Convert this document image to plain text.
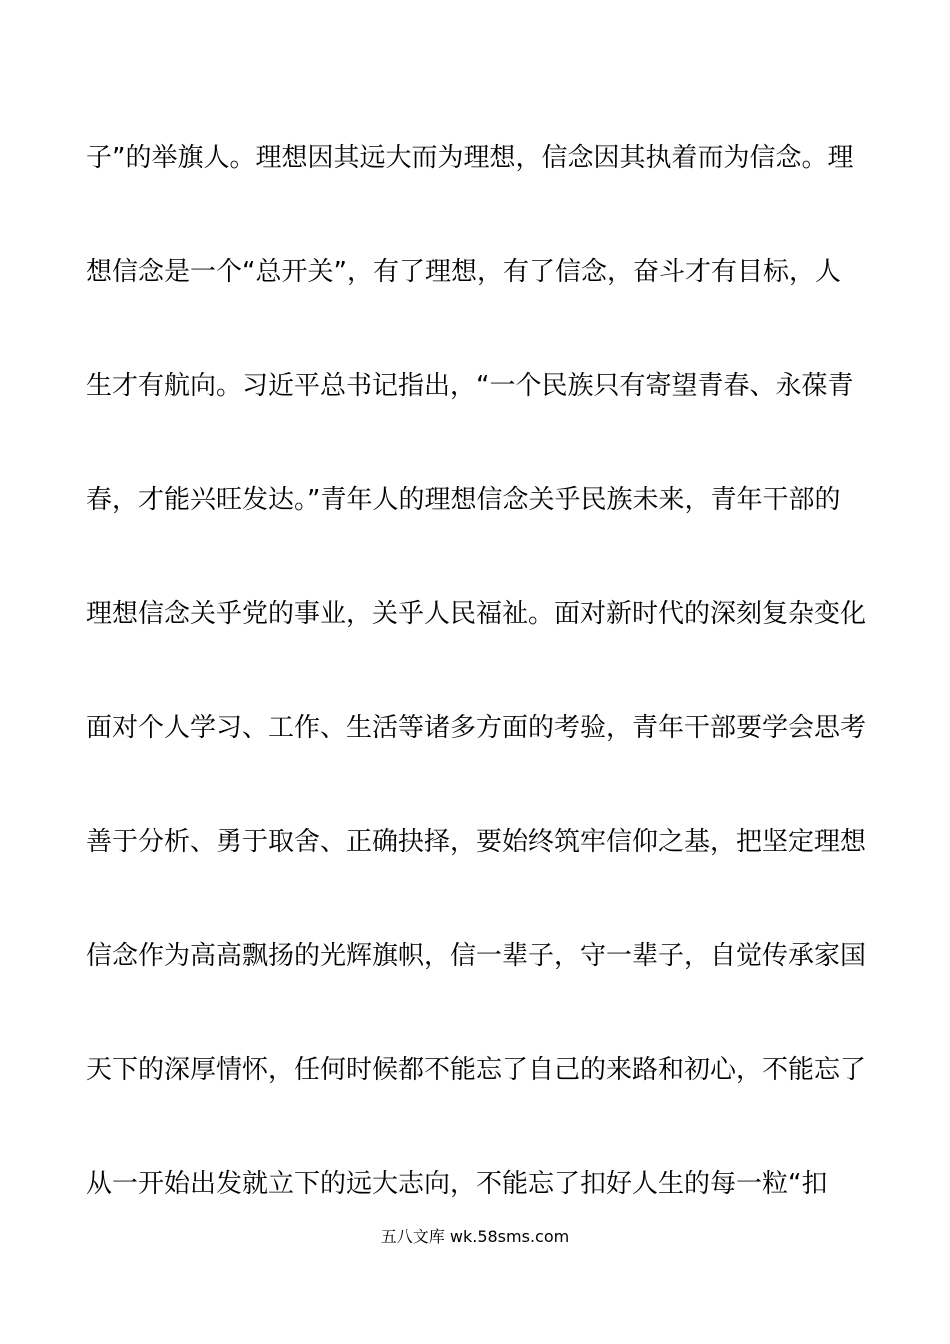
子”的举旗人。理想因其远大而为理想，信念因其执着而为信念。理
想信念是一个“总开关”，有了理想，有了信念，奋斗才有目标，人
生才有航向。习近平总书记指出，“一个民族只有寄望青春、永葆青
春，才能兴旺发达。”青年人的理想信念关乎民族未来，青年干部的
理想信念关乎党的事业，关乎人民福祉。面对新时代的深刻复杂变化
面对个人学习、工作、生活等诸多方面的考验，青年干部要学会思考
善于分析、勇于取舍、正确抉择，要始终筑牢信仰之基，把坚定理想
信念作为高高飘扬的光辉旗帜，信一辈子，守一辈子，自觉传承家国
天下的深厚情怀，任何时候都不能忘了自己的来路和初心，不能忘了
从一开始出发就立下的远大志向，不能忘了扣好人生的每一粒“扣
五八文库 wk.58sms.com
